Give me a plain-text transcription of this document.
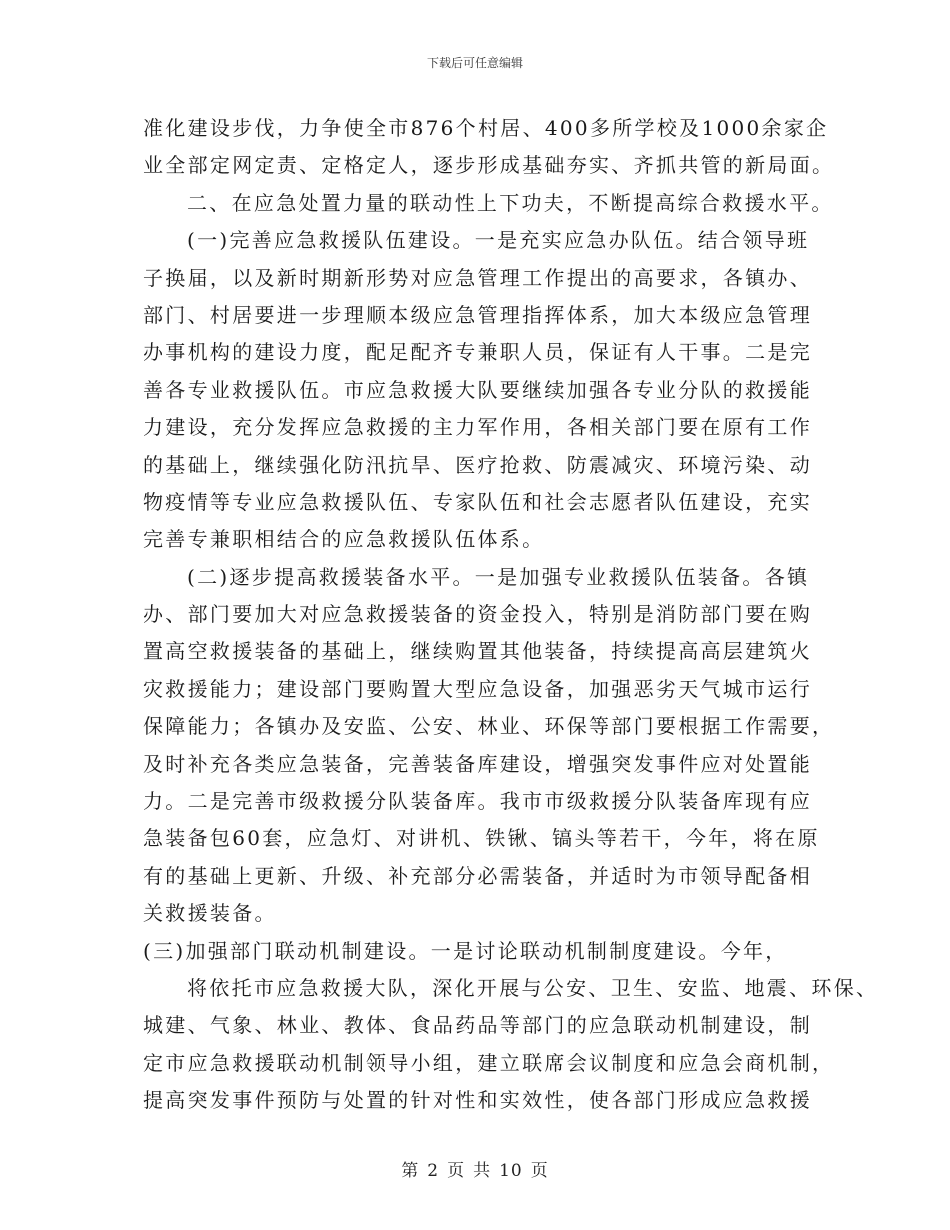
下载后可任意编辑
准化建设步伐，力争使全市876个村居、400多所学校及1000余家企
业全部定网定责、定格定人，逐步形成基础夯实、齐抓共管的新局面。
二、在应急处置力量的联动性上下功夫，不断提高综合救援水平。
(一)完善应急救援队伍建设。一是充实应急办队伍。结合领导班
子换届，以及新时期新形势对应急管理工作提出的高要求，各镇办、
部门、村居要进一步理顺本级应急管理指挥体系，加大本级应急管理
办事机构的建设力度，配足配齐专兼职人员，保证有人干事。二是完
善各专业救援队伍。市应急救援大队要继续加强各专业分队的救援能
力建设，充分发挥应急救援的主力军作用，各相关部门要在原有工作
的基础上，继续强化防汛抗旱、医疗抢救、防震减灾、环境污染、动
物疫情等专业应急救援队伍、专家队伍和社会志愿者队伍建设，充实
完善专兼职相结合的应急救援队伍体系。
(二)逐步提高救援装备水平。一是加强专业救援队伍装备。各镇
办、部门要加大对应急救援装备的资金投入，特别是消防部门要在购
置高空救援装备的基础上，继续购置其他装备，持续提高高层建筑火
灾救援能力；建设部门要购置大型应急设备，加强恶劣天气城市运行
保障能力；各镇办及安监、公安、林业、环保等部门要根据工作需要，
及时补充各类应急装备，完善装备库建设，增强突发事件应对处置能
力。二是完善市级救援分队装备库。我市市级救援分队装备库现有应
急装备包60套，应急灯、对讲机、铁锹、镐头等若干，今年，将在原
有的基础上更新、升级、补充部分必需装备，并适时为市领导配备相
关救援装备。
(三)加强部门联动机制建设。一是讨论联动机制制度建设。今年，
将依托市应急救援大队，深化开展与公安、卫生、安监、地震、环保、
城建、气象、林业、教体、食品药品等部门的应急联动机制建设，制
定市应急救援联动机制领导小组，建立联席会议制度和应急会商机制，
提高突发事件预防与处置的针对性和实效性，使各部门形成应急救援
第 2 页 共 10 页
